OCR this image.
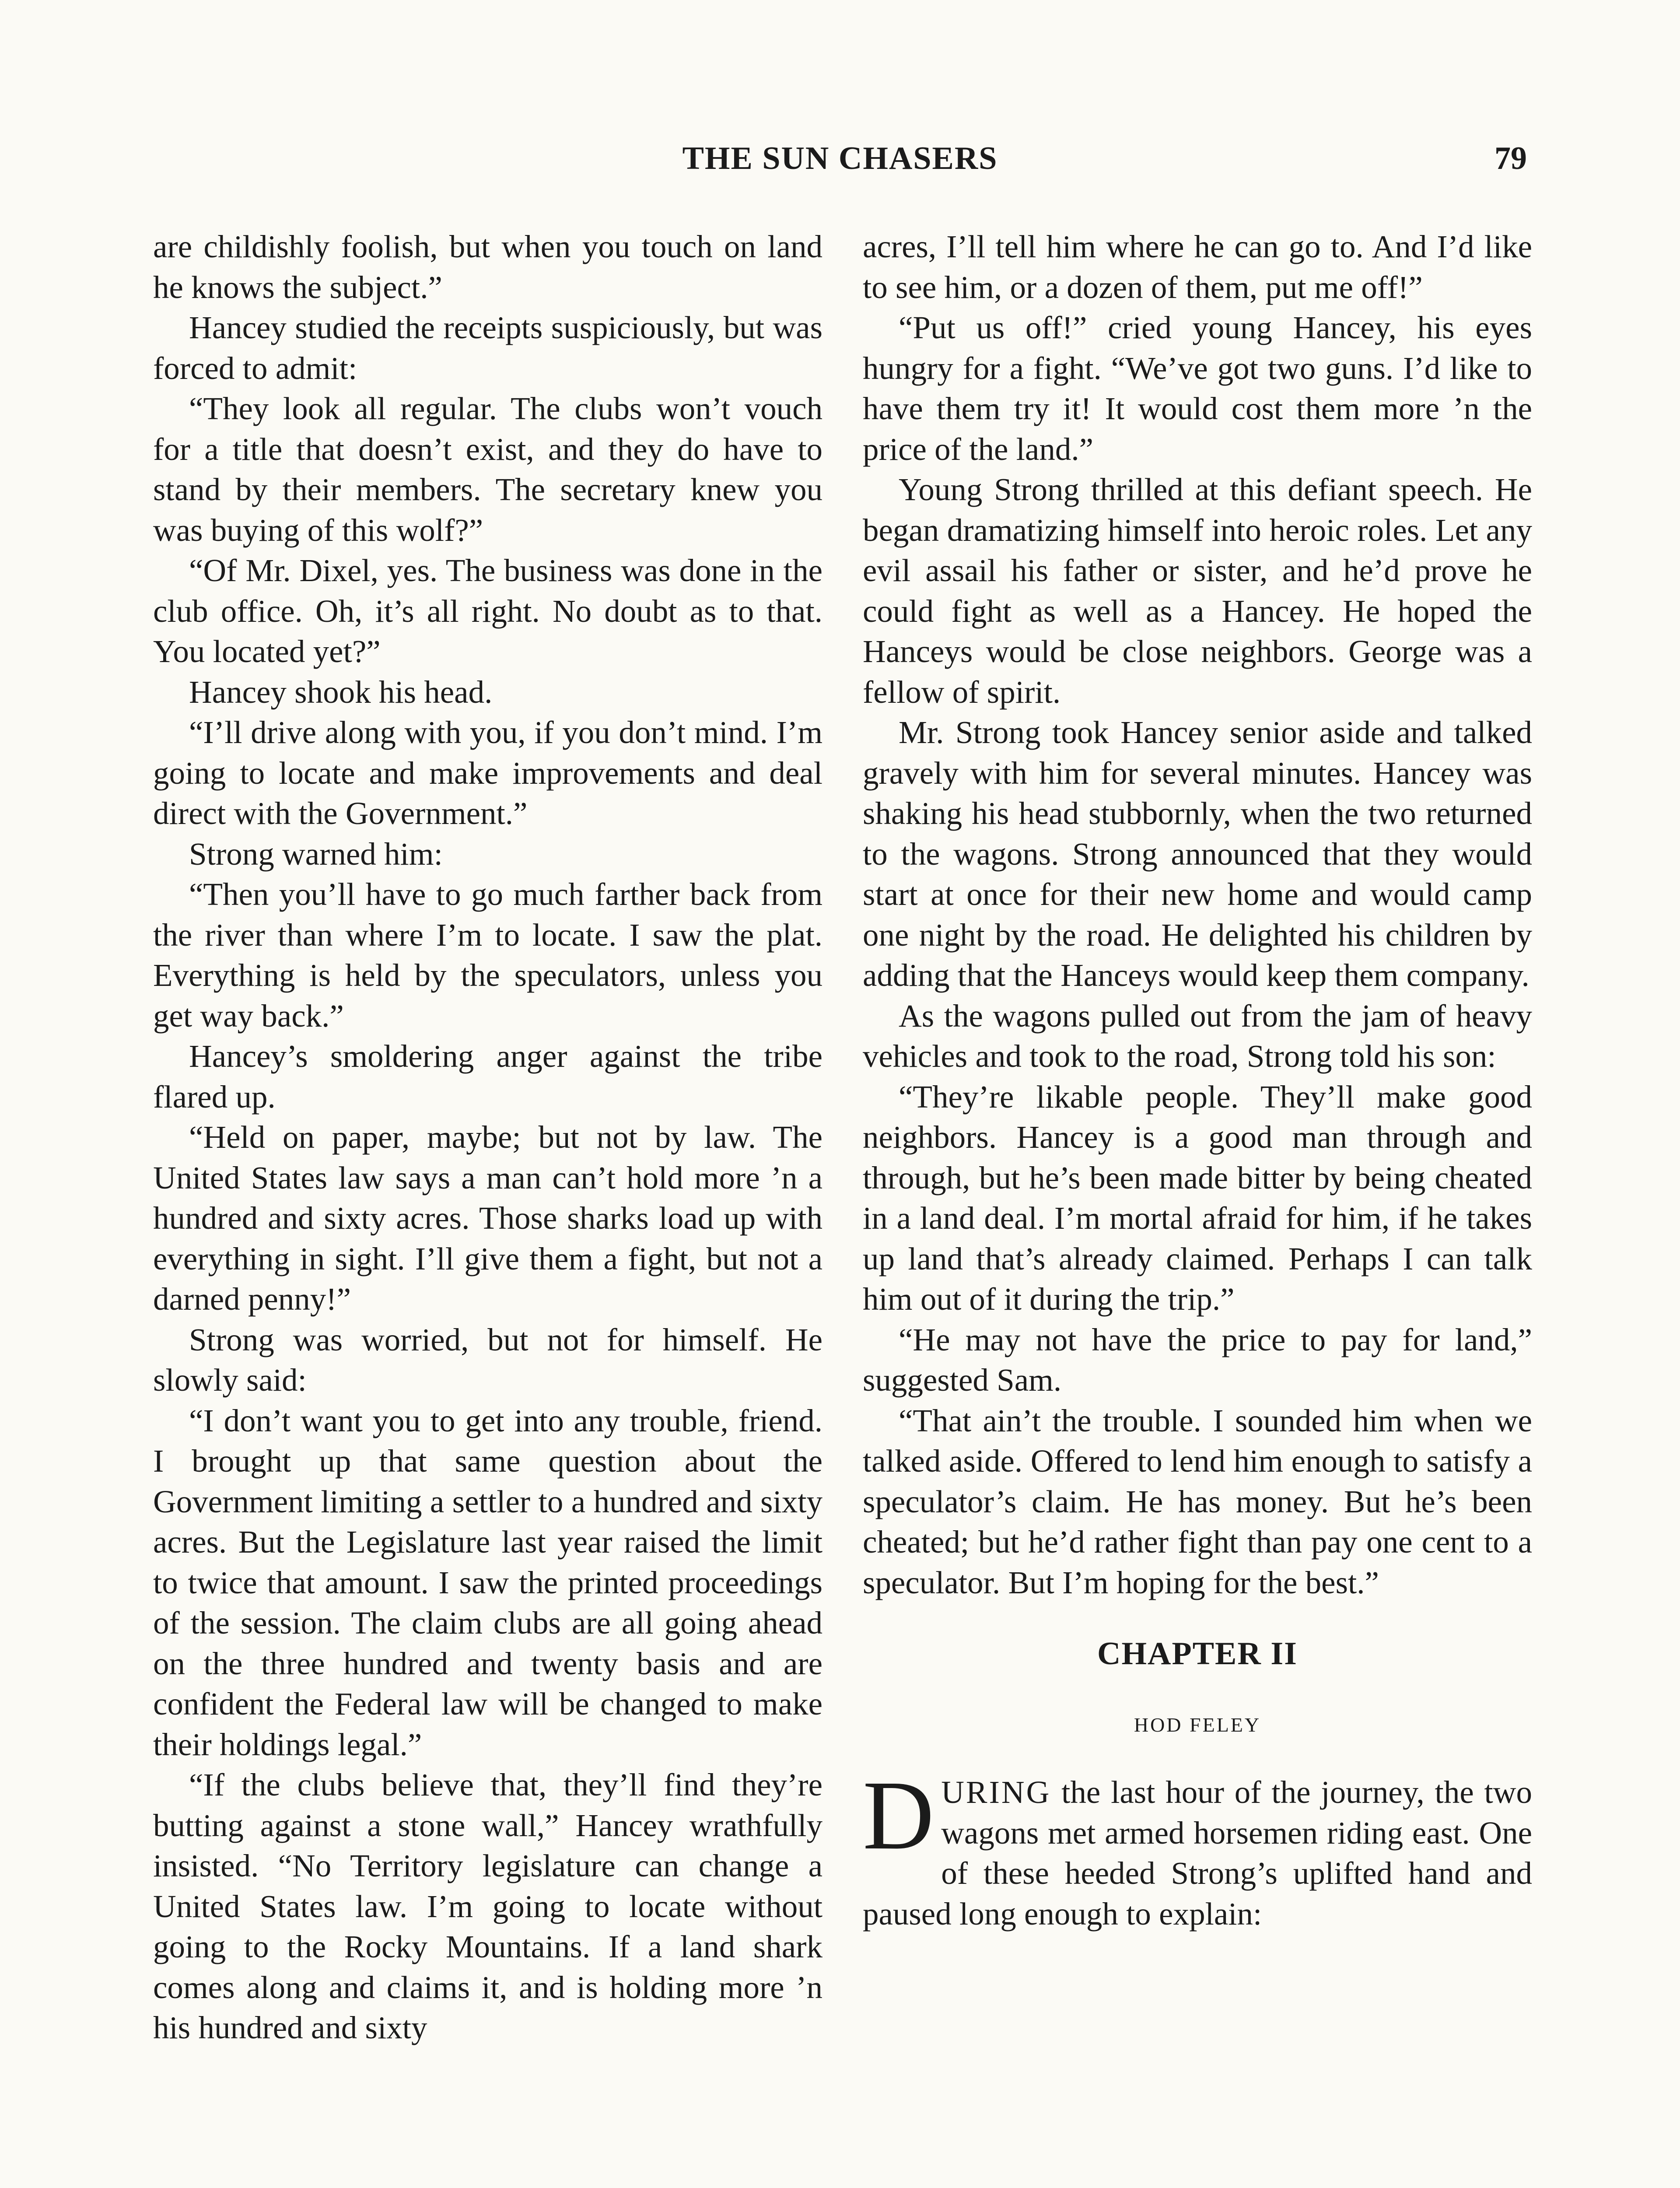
THE SUN CHASERS	79

are childishly foolish, but when you touch on land he knows the subject.”

Hancey studied the receipts suspiciously, but was forced to admit:

“They look all regular. The clubs won’t vouch for a title that doesn’t exist, and they do have to stand by their members. The secretary knew you was buying of this wolf?”

“Of Mr. Dixel, yes. The business was done in the club office. Oh, it’s all right. No doubt as to that. You located yet?”

Hancey shook his head.

“I’ll drive along with you, if you don’t mind. I’m going to locate and make improvements and deal direct with the Government.”

Strong warned him:

“Then you’ll have to go much farther back from the river than where I’m to locate. I saw the plat. Everything is held by the speculators, unless you get way back.”

Hancey’s smoldering anger against the tribe flared up.

“Held on paper, maybe; but not by law. The United States law says a man can’t hold more ’n a hundred and sixty acres. Those sharks load up with everything in sight. I’ll give them a fight, but not a darned penny!”

Strong was worried, but not for himself. He slowly said:

“I don’t want you to get into any trouble, friend. I brought up that same question about the Government limiting a settler to a hundred and sixty acres. But the Legislature last year raised the limit to twice that amount. I saw the printed proceedings of the session. The claim clubs are all going ahead on the three hundred and twenty basis and are confident the Federal law will be changed to make their holdings legal.”

“If the clubs believe that, they’ll find they’re butting against a stone wall,” Hancey wrathfully insisted. “No Territory legislature can change a United States law. I’m going to locate without going to the Rocky Mountains. If a land shark comes along and claims it, and is holding more ’n his hundred and sixty

acres, I’ll tell him where he can go to. And I’d like to see him, or a dozen of them, put me off!”

“Put us off!” cried young Hancey, his eyes hungry for a fight. “We’ve got two guns. I’d like to have them try it! It would cost them more ’n the price of the land.”

Young Strong thrilled at this defiant speech. He began dramatizing himself into heroic roles. Let any evil assail his father or sister, and he’d prove he could fight as well as a Hancey. He hoped the Hanceys would be close neighbors. George was a fellow of spirit.

Mr. Strong took Hancey senior aside and talked gravely with him for several minutes. Hancey was shaking his head stubbornly, when the two returned to the wagons. Strong announced that they would start at once for their new home and would camp one night by the road. He delighted his children by adding that the Hanceys would keep them company.

As the wagons pulled out from the jam of heavy vehicles and took to the road, Strong told his son:

“They’re likable people. They’ll make good neighbors. Hancey is a good man through and through, but he’s been made bitter by being cheated in a land deal. I’m mortal afraid for him, if he takes up land that’s already claimed. Perhaps I can talk him out of it during the trip.”

“He may not have the price to pay for land,” suggested Sam.

“That ain’t the trouble. I sounded him when we talked aside. Offered to lend him enough to satisfy a speculator’s claim. He has money. But he’s been cheated; but he’d rather fight than pay one cent to a speculator. But I’m hoping for the best.”

CHAPTER II
HOD FELEY

DURING the last hour of the journey, the two wagons met armed horsemen riding east. One of these heeded Strong’s uplifted hand and paused long enough to explain:
